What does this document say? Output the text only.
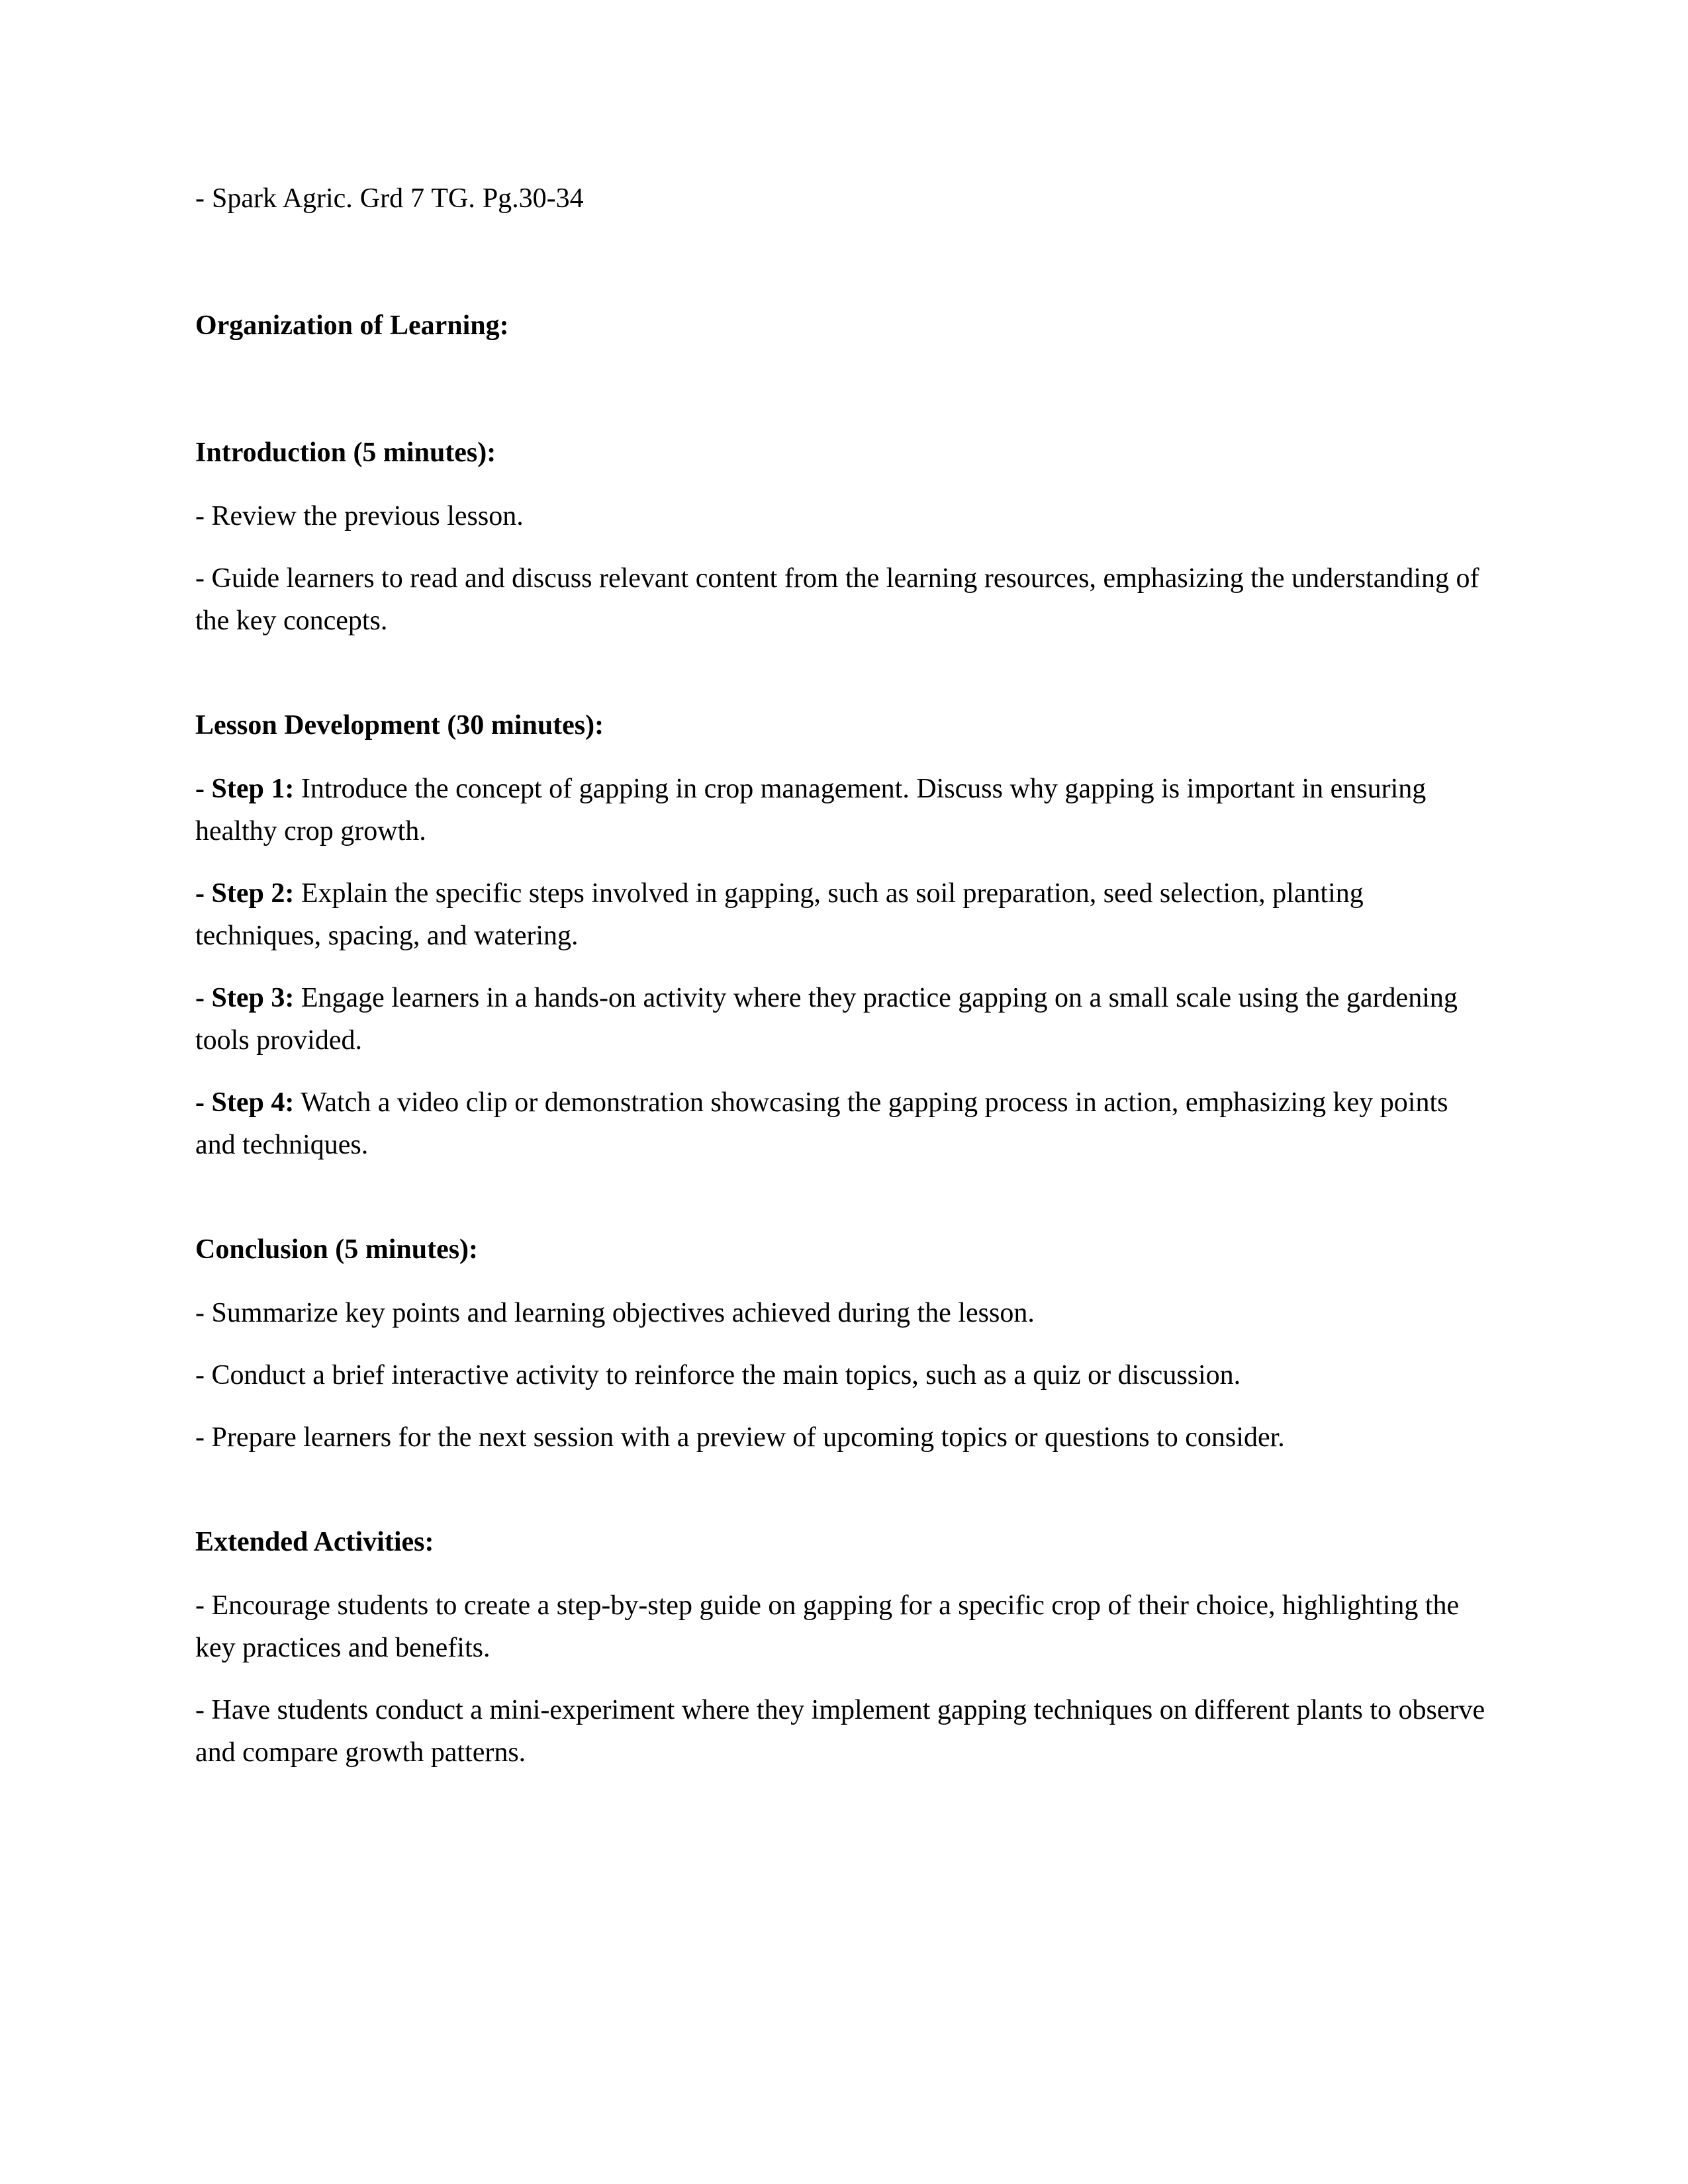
- Spark Agric. Grd 7 TG. Pg.30-34

Organization of Learning:
Introduction (5 minutes):

- Review the previous lesson.

- Guide learners to read and discuss relevant content from the learning resources, emphasizing the understanding of the key concepts.

Lesson Development (30 minutes):

- Step 1: Introduce the concept of gapping in crop management. Discuss why gapping is important in ensuring healthy crop growth.

- Step 2: Explain the specific steps involved in gapping, such as soil preparation, seed selection, planting techniques, spacing, and watering.

- Step 3: Engage learners in a hands-on activity where they practice gapping on a small scale using the gardening tools provided.

- Step 4: Watch a video clip or demonstration showcasing the gapping process in action, emphasizing key points and techniques.

Conclusion (5 minutes):

- Summarize key points and learning objectives achieved during the lesson.

- Conduct a brief interactive activity to reinforce the main topics, such as a quiz or discussion.

- Prepare learners for the next session with a preview of upcoming topics or questions to consider.

Extended Activities:

- Encourage students to create a step-by-step guide on gapping for a specific crop of their choice, highlighting the key practices and benefits.

- Have students conduct a mini-experiment where they implement gapping techniques on different plants to observe and compare growth patterns.
